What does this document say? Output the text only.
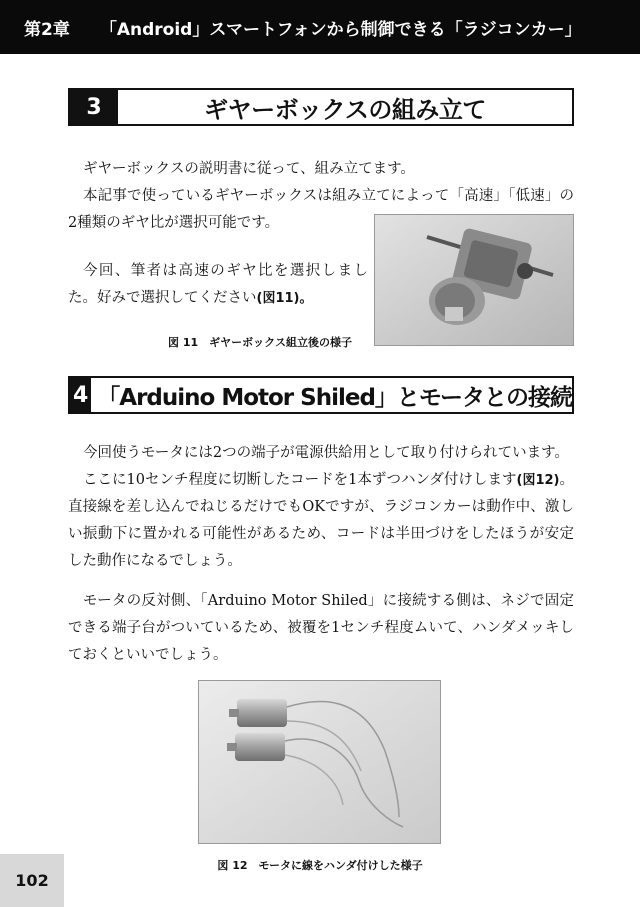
第2章 「Android」スマートフォンから制御できる「ラジコンカー」
3	ギヤーボックスの組み立て

ギヤーボックスの説明書に従って、組み立てます。

本記事で使っているギヤーボックスは組み立てによって「高速」「低速」の2種類のギヤ比が選択可能です。

今回、筆者は高速のギヤ比を選択しました。好みで選択してください(図11)。

図 11　ギヤーボックス組立後の様子
4 「Arduino Motor Shiled」とモータとの接続

今回使うモータには2つの端子が電源供給用として取り付けられています。

ここに10センチ程度に切断したコードを1本ずつハンダ付けします(図12)。直接線を差し込んでねじるだけでもOKですが、ラジコンカーは動作中、激しい振動下に置かれる可能性があるため、コードは半田づけをしたほうが安定した動作になるでしょう。

モータの反対側、「Arduino Motor Shiled」に接続する側は、ネジで固定できる端子台がついているため、被覆を1センチ程度ムいて、ハンダメッキしておくといいでしょう。

図 12　モータに線をハンダ付けした様子
102
